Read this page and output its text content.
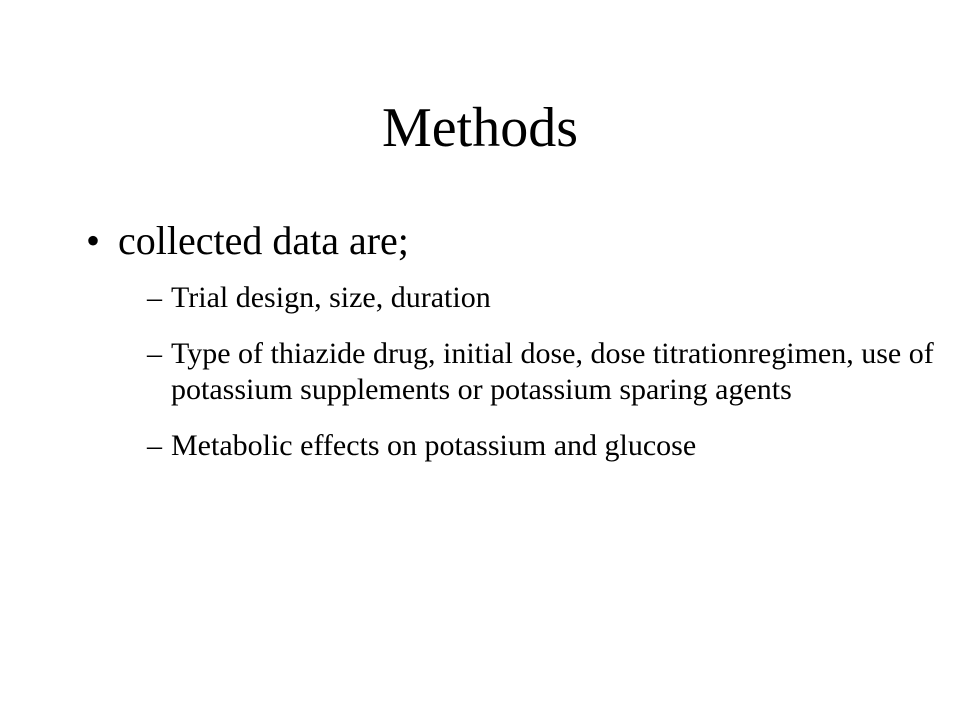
Methods
• collected data are;
– Trial design, size, duration
– Type of thiazide drug, initial dose, dose titrationregimen, use of potassium supplements or potassium sparing agents
– Metabolic effects on potassium and glucose
